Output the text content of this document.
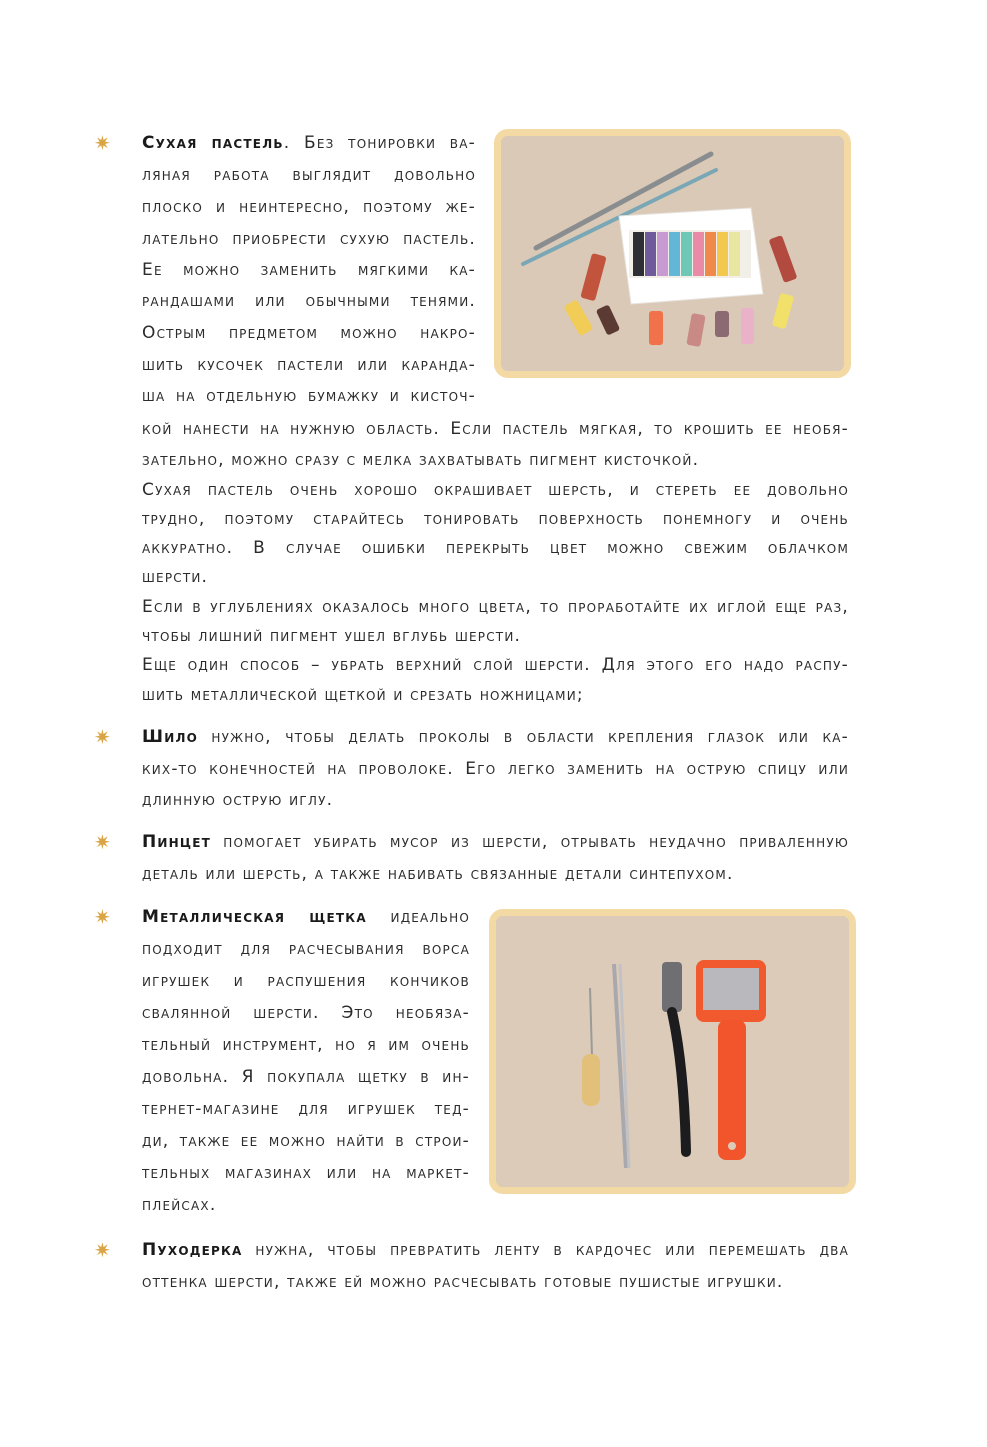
✷ Сухая пастель. Без тонировки ва-
ляная работа выглядит довольно
плоско и неинтересно, поэтому же-
лательно приобрести сухую пастель.
Ее можно заменить мягкими ка-
рандашами или обычными тенями.
Острым предметом можно накро-
шить кусочек пастели или каранда-
ша на отдельную бумажку и кисточ-
кой нанести на нужную область. Если пастель мягкая, то крошить ее необя-
зательно, можно сразу с мелка захватывать пигмент кисточкой.
Сухая пастель очень хорошо окрашивает шерсть, и стереть ее довольно
трудно, поэтому старайтесь тонировать поверхность понемногу и очень
аккуратно. В случае ошибки перекрыть цвет можно свежим облачком
шерсти.
Если в углублениях оказалось много цвета, то проработайте их иглой еще раз,
чтобы лишний пигмент ушел вглубь шерсти.
Еще один способ – убрать верхний слой шерсти. Для этого его надо распу-
шить металлической щеткой и срезать ножницами;
✷ Шило нужно, чтобы делать проколы в области крепления глазок или ка-
ких-то конечностей на проволоке. Его легко заменить на острую спицу или
длинную острую иглу.
✷ Пинцет помогает убирать мусор из шерсти, отрывать неудачно приваленную
деталь или шерсть, а также набивать связанные детали синтепухом.
✷ Металлическая щетка идеально
подходит для расчесывания ворса
игрушек и распушения кончиков
свалянной шерсти. Это необяза-
тельный инструмент, но я им очень
довольна. Я покупала щетку в ин-
тернет-магазине для игрушек тед-
ди, также ее можно найти в строи-
тельных магазинах или на маркет-
плейсах.
✷ Пуходерка нужна, чтобы превратить ленту в кардочес или перемешать два
оттенка шерсти, также ей можно расчесывать готовые пушистые игрушки.
